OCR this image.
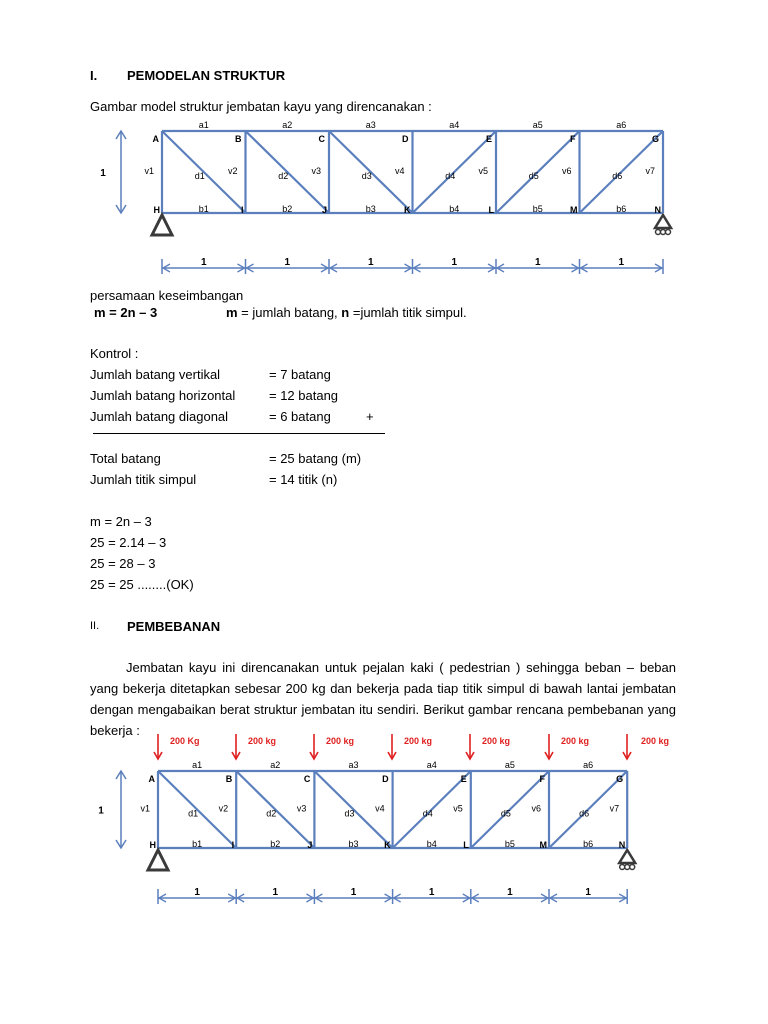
I. PEMODELAN STRUKTUR
Gambar model struktur jembatan kayu yang direncanakan :
a1	a2	a3	a4	a5	a6
b1	b2	b3	b4	b5	b6
v1	v2	v3	v4	v5	v6	v7
d1	d2	d3	d4	d5	d6
A	B	C	D	E	F	G
H	I	J	K	L	M	N
1
1	1	1	1	1	1
persamaan keseimbangan
m = 2n – 3	m = jumlah batang, n =jumlah titik simpul.
Kontrol :
Jumlah batang vertikal	= 7 batang
Jumlah batang horizontal	= 12 batang
Jumlah batang diagonal	= 6 batang	+
Total batang	= 25 batang (m)
Jumlah titik simpul	= 14 titik (n)
m = 2n – 3
25 = 2.14 – 3
25 = 28 – 3
25 = 25 ........(OK)
II. PEMBEBANAN

Jembatan kayu ini direncanakan untuk pejalan kaki ( pedestrian ) sehingga beban – beban yang bekerja ditetapkan sebesar 200 kg dan bekerja pada tiap titik simpul di bawah lantai jembatan dengan mengabaikan berat struktur jembatan itu sendiri. Berikut gambar rencana pembebanan yang bekerja :

a1	a2	a3	a4	a5	a6
b1	b2	b3	b4	b5	b6
v1	v2	v3	v4	v5	v6	v7
d1	d2	d3	d4	d5	d6
A	B	C	D	E	F	G
H	I	J	K	L	M	N
1
1	1	1	1	1	1
200 Kg	200 kg	200 kg	200 kg	200 kg	200 kg	200 kg
